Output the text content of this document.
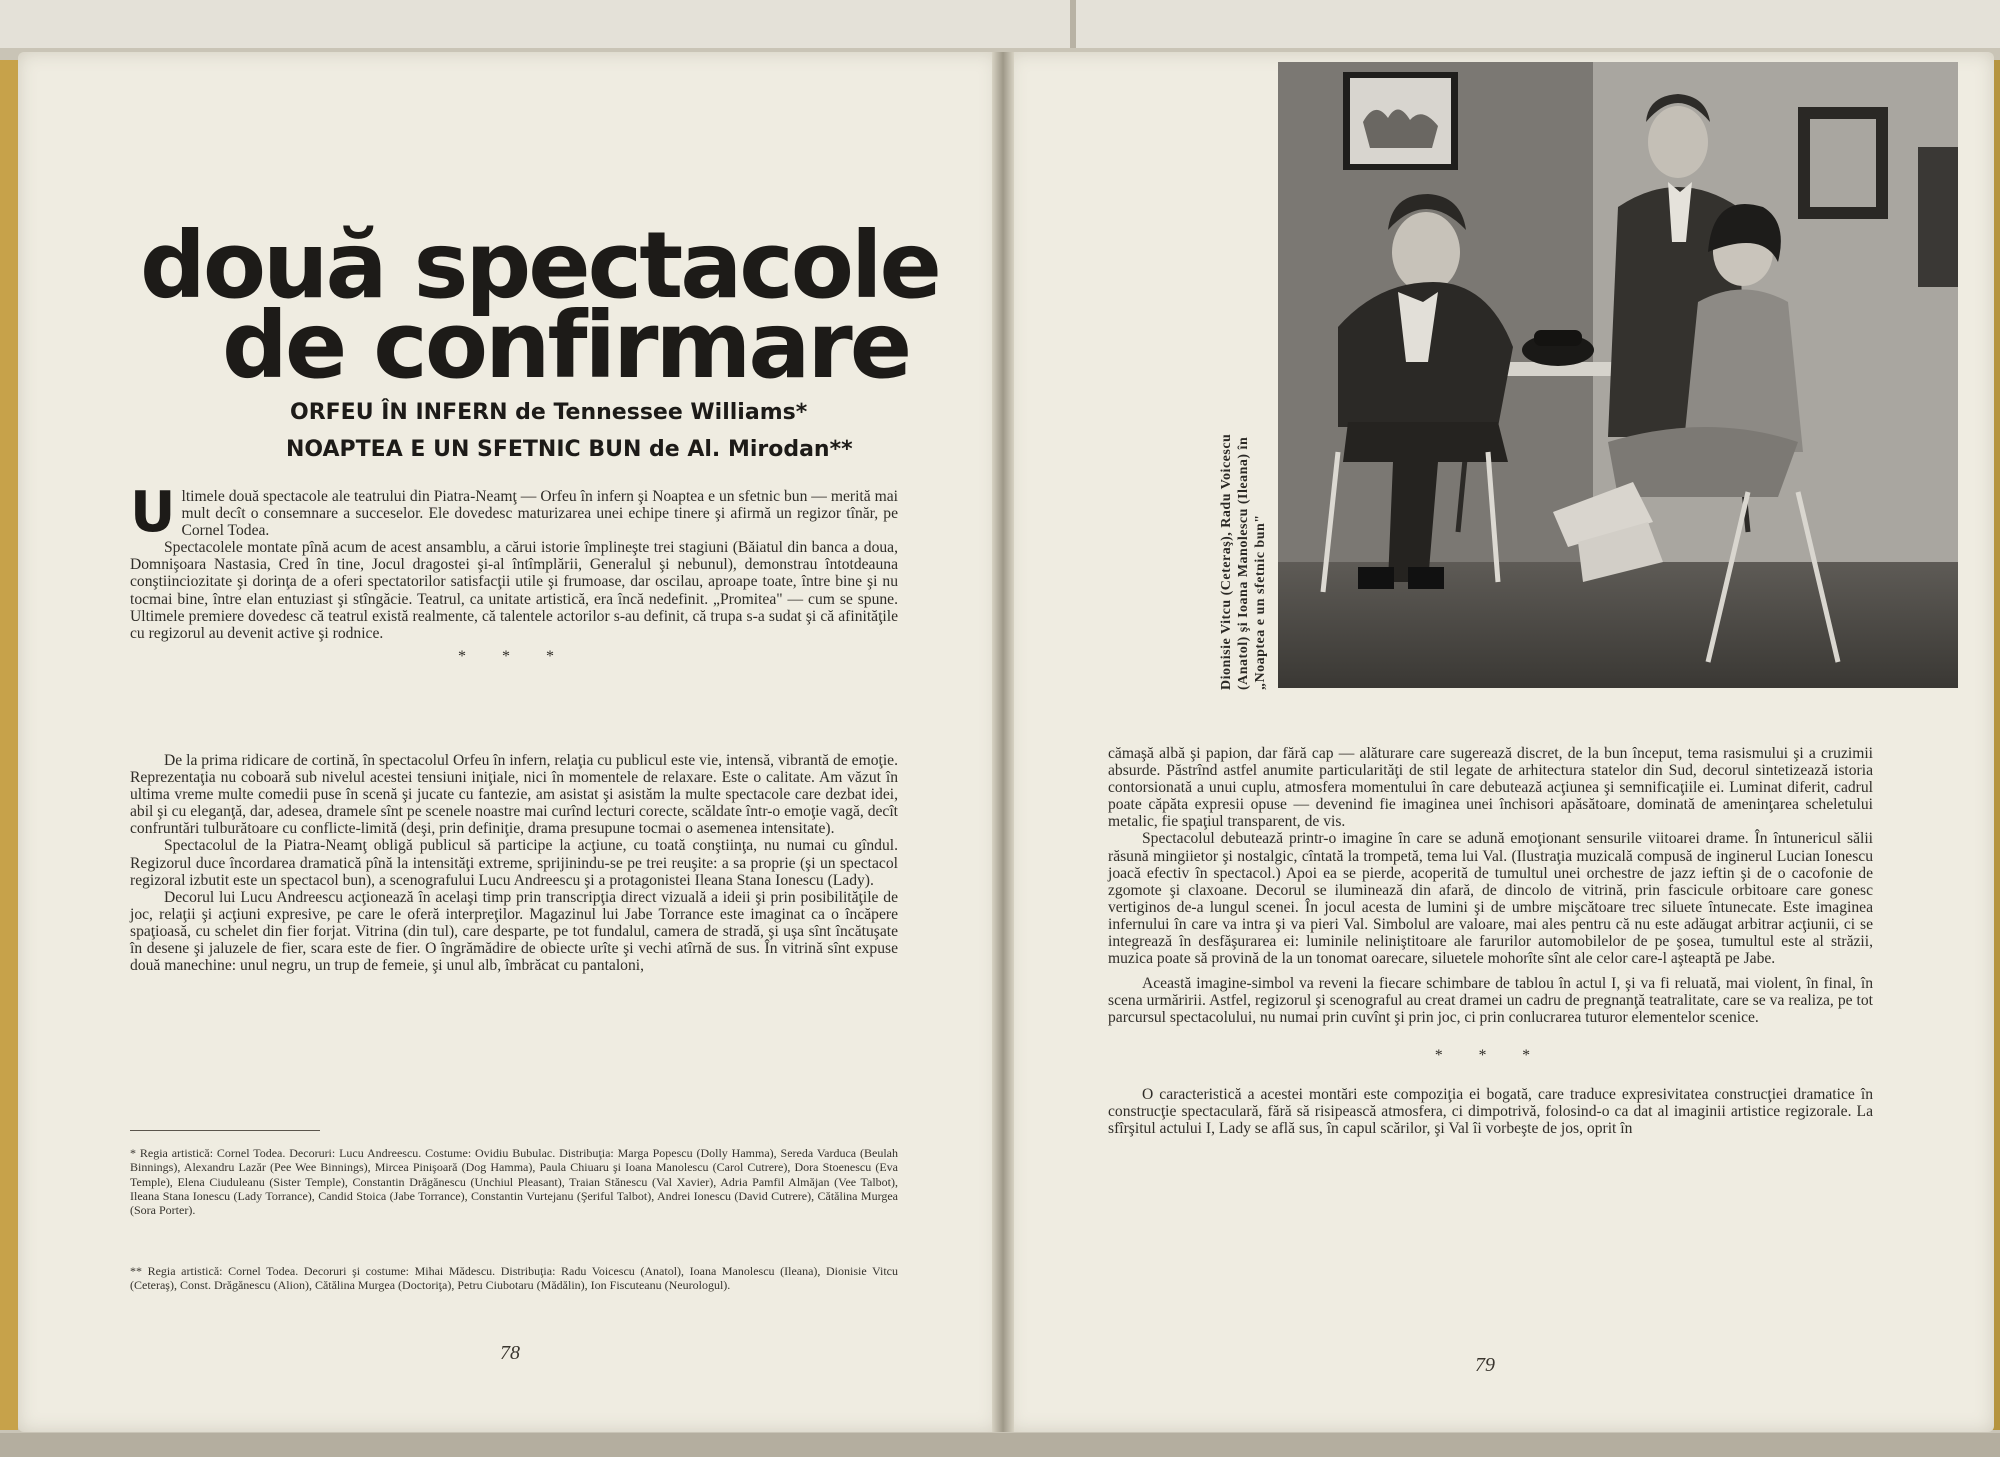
două spectacole
de confirmare
ORFEU ÎN INFERN de Tennessee Williams*
NOAPTEA E UN SFETNIC BUN de Al. Mirodan**

Ultimele două spectacole ale teatrului din Piatra-Neamţ — Orfeu în infern şi Noaptea e un sfetnic bun — merită mai mult decît o consemnare a succeselor. Ele dovedesc maturizarea unei echipe tinere şi afirmă un regizor tînăr, pe Cornel Todea.

Spectacolele montate pînă acum de acest ansamblu, a cărui istorie împlineşte trei stagiuni (Băiatul din banca a doua, Domnişoara Nastasia, Cred în tine, Jocul dragostei şi-al întîmplării, Generalul şi nebunul), demonstrau întotdeauna conştiinciozitate şi dorinţa de a oferi spectatorilor satisfacţii utile şi frumoase, dar oscilau, aproape toate, între bine şi nu tocmai bine, între elan entuziast şi stîngăcie. Teatrul, ca unitate artistică, era încă nedefinit. „Promitea" — cum se spune. Ultimele premiere dovedesc că teatrul există realmente, că talentele actorilor s-au definit, că trupa s-a sudat şi că afinităţile cu regizorul au devenit active şi rodnice.

* * *

De la prima ridicare de cortină, în spectacolul Orfeu în infern, relaţia cu publicul este vie, intensă, vibrantă de emoţie. Reprezentaţia nu coboară sub nivelul acestei tensiuni iniţiale, nici în momentele de relaxare. Este o calitate. Am văzut în ultima vreme multe comedii puse în scenă şi jucate cu fantezie, am asistat şi asistăm la multe spectacole care dezbat idei, abil şi cu eleganţă, dar, adesea, dramele sînt pe scenele noastre mai curînd lecturi corecte, scăldate într-o emoţie vagă, decît confruntări tulburătoare cu conflicte-limită (deşi, prin definiţie, drama presupune tocmai o asemenea intensitate).

Spectacolul de la Piatra-Neamţ obligă publicul să participe la acţiune, cu toată conştiinţa, nu numai cu gîndul. Regizorul duce încordarea dramatică pînă la intensităţi extreme, sprijinindu-se pe trei reuşite: a sa proprie (şi un spectacol regizoral izbutit este un spectacol bun), a scenografului Lucu Andreescu şi a protagonistei Ileana Stana Ionescu (Lady).

Decorul lui Lucu Andreescu acţionează în acelaşi timp prin transcripţia direct vizuală a ideii şi prin posibilităţile de joc, relaţii şi acţiuni expresive, pe care le oferă interpreţilor. Magazinul lui Jabe Torrance este imaginat ca o încăpere spaţioasă, cu schelet din fier forjat. Vitrina (din tul), care desparte, pe tot fundalul, camera de stradă, şi uşa sînt încătuşate în desene şi jaluzele de fier, scara este de fier. O îngrămădire de obiecte urîte şi vechi atîrnă de sus. În vitrină sînt expuse două manechine: unul negru, un trup de femeie, şi unul alb, îmbrăcat cu pantaloni,

* Regia artistică: Cornel Todea. Decoruri: Lucu Andreescu. Costume: Ovidiu Bubulac. Distribuţia: Marga Popescu (Dolly Hamma), Sereda Varduca (Beulah Binnings), Alexandru Lazăr (Pee Wee Binnings), Mircea Pinişoară (Dog Hamma), Paula Chiuaru şi Ioana Manolescu (Carol Cutrere), Dora Stoenescu (Eva Temple), Elena Ciuduleanu (Sister Temple), Constantin Drăgănescu (Unchiul Pleasant), Traian Stănescu (Val Xavier), Adria Pamfil Almăjan (Vee Talbot), Ileana Stana Ionescu (Lady Torrance), Candid Stoica (Jabe Torrance), Constantin Vurtejanu (Şeriful Talbot), Andrei Ionescu (David Cutrere), Cătălina Murgea (Sora Porter).
** Regia artistică: Cornel Todea. Decoruri şi costume: Mihai Mădescu. Distribuţia: Radu Voicescu (Anatol), Ioana Manolescu (Ileana), Dionisie Vitcu (Ceteraş), Const. Drăgănescu (Alion), Cătălina Murgea (Doctoriţa), Petru Ciubotaru (Mădălin), Ion Fiscuteanu (Neurologul).
78
Dionisie Vitcu (Ceteraş), Radu Voicescu (Anatol) şi Ioana Manolescu (Ileana) în „Noaptea e un sfetnic bun"

cămaşă albă şi papion, dar fără cap — alăturare care sugerează discret, de la bun început, tema rasismului şi a cruzimii absurde. Păstrînd astfel anumite particularităţi de stil legate de arhitectura statelor din Sud, decorul sintetizează istoria contorsionată a unui cuplu, atmosfera momentului în care debutează acţiunea şi semnificaţiile ei. Luminat diferit, cadrul poate căpăta expresii opuse — devenind fie imaginea unei închisori apăsătoare, dominată de ameninţarea scheletului metalic, fie spaţiul transparent, de vis.

Spectacolul debutează printr-o imagine în care se adună emoţionant sensurile viitoarei drame. În întunericul sălii răsună mingiietor şi nostalgic, cîntată la trompetă, tema lui Val. (Ilustraţia muzicală compusă de inginerul Lucian Ionescu joacă efectiv în spectacol.) Apoi ea se pierde, acoperită de tumultul unei orchestre de jazz ieftin şi de o cacofonie de zgomote şi claxoane. Decorul se iluminează din afară, de dincolo de vitrină, prin fascicule orbitoare care gonesc vertiginos de-a lungul scenei. În jocul acesta de lumini şi de umbre mişcătoare trec siluete întunecate. Este imaginea infernului în care va intra şi va pieri Val. Simbolul are valoare, mai ales pentru că nu este adăugat arbitrar acţiunii, ci se integrează în desfăşurarea ei: luminile neliniştitoare ale farurilor automobilelor de pe şosea, tumultul este al străzii, muzica poate să provină de la un tonomat oarecare, siluetele mohorîte sînt ale celor care-l aşteaptă pe Jabe.

Această imagine-simbol va reveni la fiecare schimbare de tablou în actul I, şi va fi reluată, mai violent, în final, în scena urmăririi. Astfel, regizorul şi scenograful au creat dramei un cadru de pregnanţă teatralitate, care se va realiza, pe tot parcursul spectacolului, nu numai prin cuvînt şi prin joc, ci prin conlucrarea tuturor elementelor scenice.

* * *

O caracteristică a acestei montări este compoziţia ei bogată, care traduce expresivitatea construcţiei dramatice în construcţie spectaculară, fără să risipească atmosfera, ci dimpotrivă, folosind-o ca dat al imaginii artistice regizorale. La sfîrşitul actului I, Lady se află sus, în capul scărilor, şi Val îi vorbeşte de jos, oprit în

79
